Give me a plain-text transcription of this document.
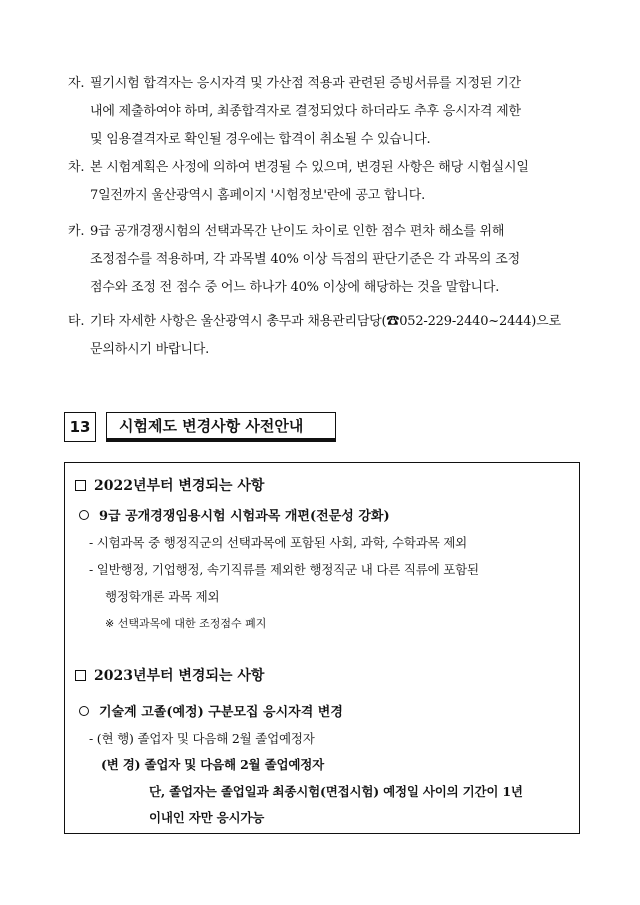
자. 필기시험 합격자는 응시자격 및 가산점 적용과 관련된 증빙서류를 지정된 기간
내에 제출하여야 하며, 최종합격자로 결정되었다 하더라도 추후 응시자격 제한
및 임용결격자로 확인될 경우에는 합격이 취소될 수 있습니다.
차. 본 시험계획은 사정에 의하여 변경될 수 있으며, 변경된 사항은 해당 시험실시일
7일전까지 울산광역시 홈페이지 '시험정보'란에 공고 합니다.
카. 9급 공개경쟁시험의 선택과목간 난이도 차이로 인한 점수 편차 해소를 위해
조정점수를 적용하며, 각 과목별 40% 이상 득점의 판단기준은 각 과목의 조정
점수와 조정 전 점수 중 어느 하나가 40% 이상에 해당하는 것을 말합니다.
타. 기타 자세한 사항은 울산광역시 총무과 채용관리담당(☎052-229-2440~2444)으로
문의하시기 바랍니다.
13	시험제도 변경사항 사전안내
2022년부터 변경되는 사항
9급 공개경쟁임용시험 시험과목 개편(전문성 강화)
- 시험과목 중 행정직군의 선택과목에 포함된 사회, 과학, 수학과목 제외
- 일반행정, 기업행정, 속기직류를 제외한 행정직군 내 다른 직류에 포함된
행정학개론 과목 제외
※ 선택과목에 대한 조정점수 폐지
2023년부터 변경되는 사항
기술계 고졸(예정) 구분모집 응시자격 변경
- (현 행) 졸업자 및 다음해 2월 졸업예정자
(변 경) 졸업자 및 다음해 2월 졸업예정자
단, 졸업자는 졸업일과 최종시험(면접시험) 예정일 사이의 기간이 1년
이내인 자만 응시가능
